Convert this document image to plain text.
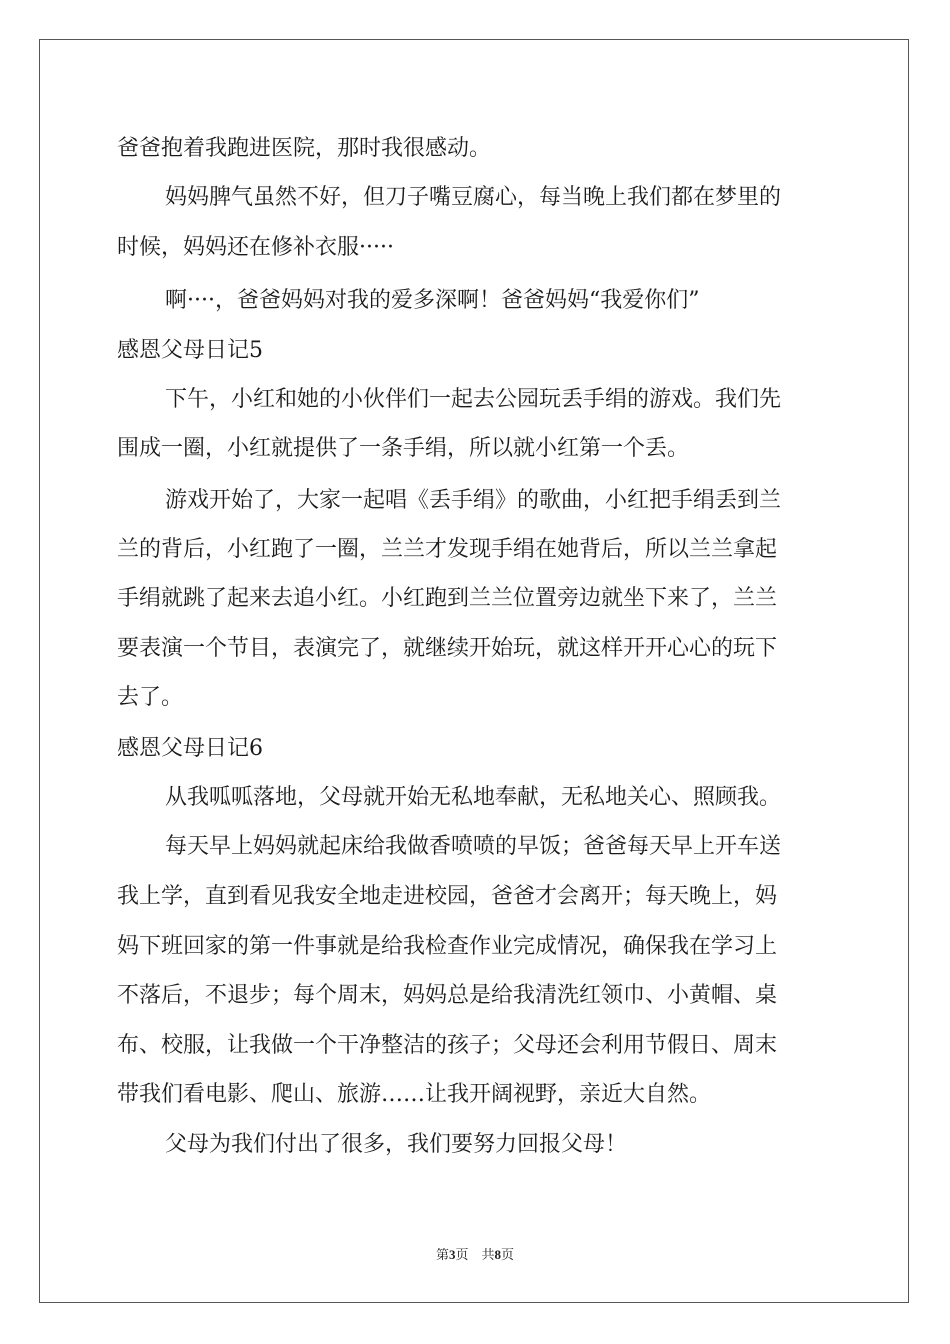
爸爸抱着我跑进医院，那时我很感动。
妈妈脾气虽然不好，但刀子嘴豆腐心，每当晚上我们都在梦里的
时候，妈妈还在修补衣服·····
啊····，爸爸妈妈对我的爱多深啊！爸爸妈妈“我爱你们”
感恩父母日记5
下午，小红和她的小伙伴们一起去公园玩丢手绢的游戏。我们先
围成一圈，小红就提供了一条手绢，所以就小红第一个丢。
游戏开始了，大家一起唱《丢手绢》的歌曲，小红把手绢丢到兰
兰的背后，小红跑了一圈，兰兰才发现手绢在她背后，所以兰兰拿起
手绢就跳了起来去追小红。小红跑到兰兰位置旁边就坐下来了，兰兰
要表演一个节目，表演完了，就继续开始玩，就这样开开心心的玩下
去了。
感恩父母日记6
从我呱呱落地，父母就开始无私地奉献，无私地关心、照顾我。
每天早上妈妈就起床给我做香喷喷的早饭；爸爸每天早上开车送
我上学，直到看见我安全地走进校园，爸爸才会离开；每天晚上，妈
妈下班回家的第一件事就是给我检查作业完成情况，确保我在学习上
不落后，不退步；每个周末，妈妈总是给我清洗红领巾、小黄帽、桌
布、校服，让我做一个干净整洁的孩子；父母还会利用节假日、周末
带我们看电影、爬山、旅游……让我开阔视野，亲近大自然。
父母为我们付出了很多，我们要努力回报父母！
第3页　共8页
